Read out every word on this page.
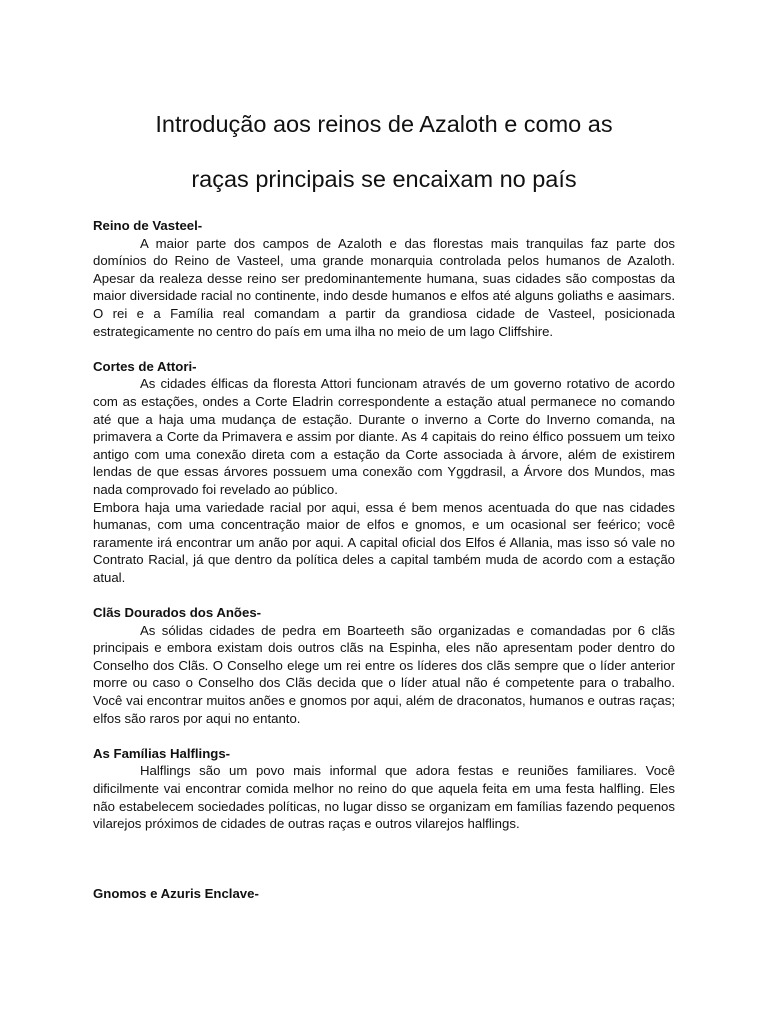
Introdução aos reinos de Azaloth e como as
raças principais se encaixam no país

Reino de Vasteel-

A maior parte dos campos de Azaloth e das florestas mais tranquilas faz parte dos domínios do Reino de Vasteel, uma grande monarquia controlada pelos humanos de Azaloth. Apesar da realeza desse reino ser predominantemente humana, suas cidades são compostas da maior diversidade racial no continente, indo desde humanos e elfos até alguns goliaths e aasimars. O rei e a Família real comandam a partir da grandiosa cidade de Vasteel, posicionada estrategicamente no centro do país em uma ilha no meio de um lago Cliffshire.

Cortes de Attori-

As cidades élficas da floresta Attori funcionam através de um governo rotativo de acordo com as estações, ondes a Corte Eladrin correspondente a estação atual permanece no comando até que a haja uma mudança de estação. Durante o inverno a Corte do Inverno comanda, na primavera a Corte da Primavera e assim por diante. As 4 capitais do reino élfico possuem um teixo antigo com uma conexão direta com a estação da Corte associada à árvore, além de existirem lendas de que essas árvores possuem uma conexão com Yggdrasil, a Árvore dos Mundos, mas nada comprovado foi revelado ao público.

Embora haja uma variedade racial por aqui, essa é bem menos acentuada do que nas cidades humanas, com uma concentração maior de elfos e gnomos, e um ocasional ser feérico; você raramente irá encontrar um anão por aqui. A capital oficial dos Elfos é Allania, mas isso só vale no Contrato Racial, já que dentro da política deles a capital também muda de acordo com a estação atual.

Clãs Dourados dos Anões-

As sólidas cidades de pedra em Boarteeth são organizadas e comandadas por 6 clãs principais e embora existam dois outros clãs na Espinha, eles não apresentam poder dentro do Conselho dos Clãs. O Conselho elege um rei entre os líderes dos clãs sempre que o líder anterior morre ou caso o Conselho dos Clãs decida que o líder atual não é competente para o trabalho. Você vai encontrar muitos anões e gnomos por aqui, além de draconatos, humanos e outras raças; elfos são raros por aqui no entanto.

As Famílias Halflings-

Halflings são um povo mais informal que adora festas e reuniões familiares. Você dificilmente vai encontrar comida melhor no reino do que aquela feita em uma festa halfling. Eles não estabelecem sociedades políticas, no lugar disso se organizam em famílias fazendo pequenos vilarejos próximos de cidades de outras raças e outros vilarejos halflings.

Gnomos e Azuris Enclave-
